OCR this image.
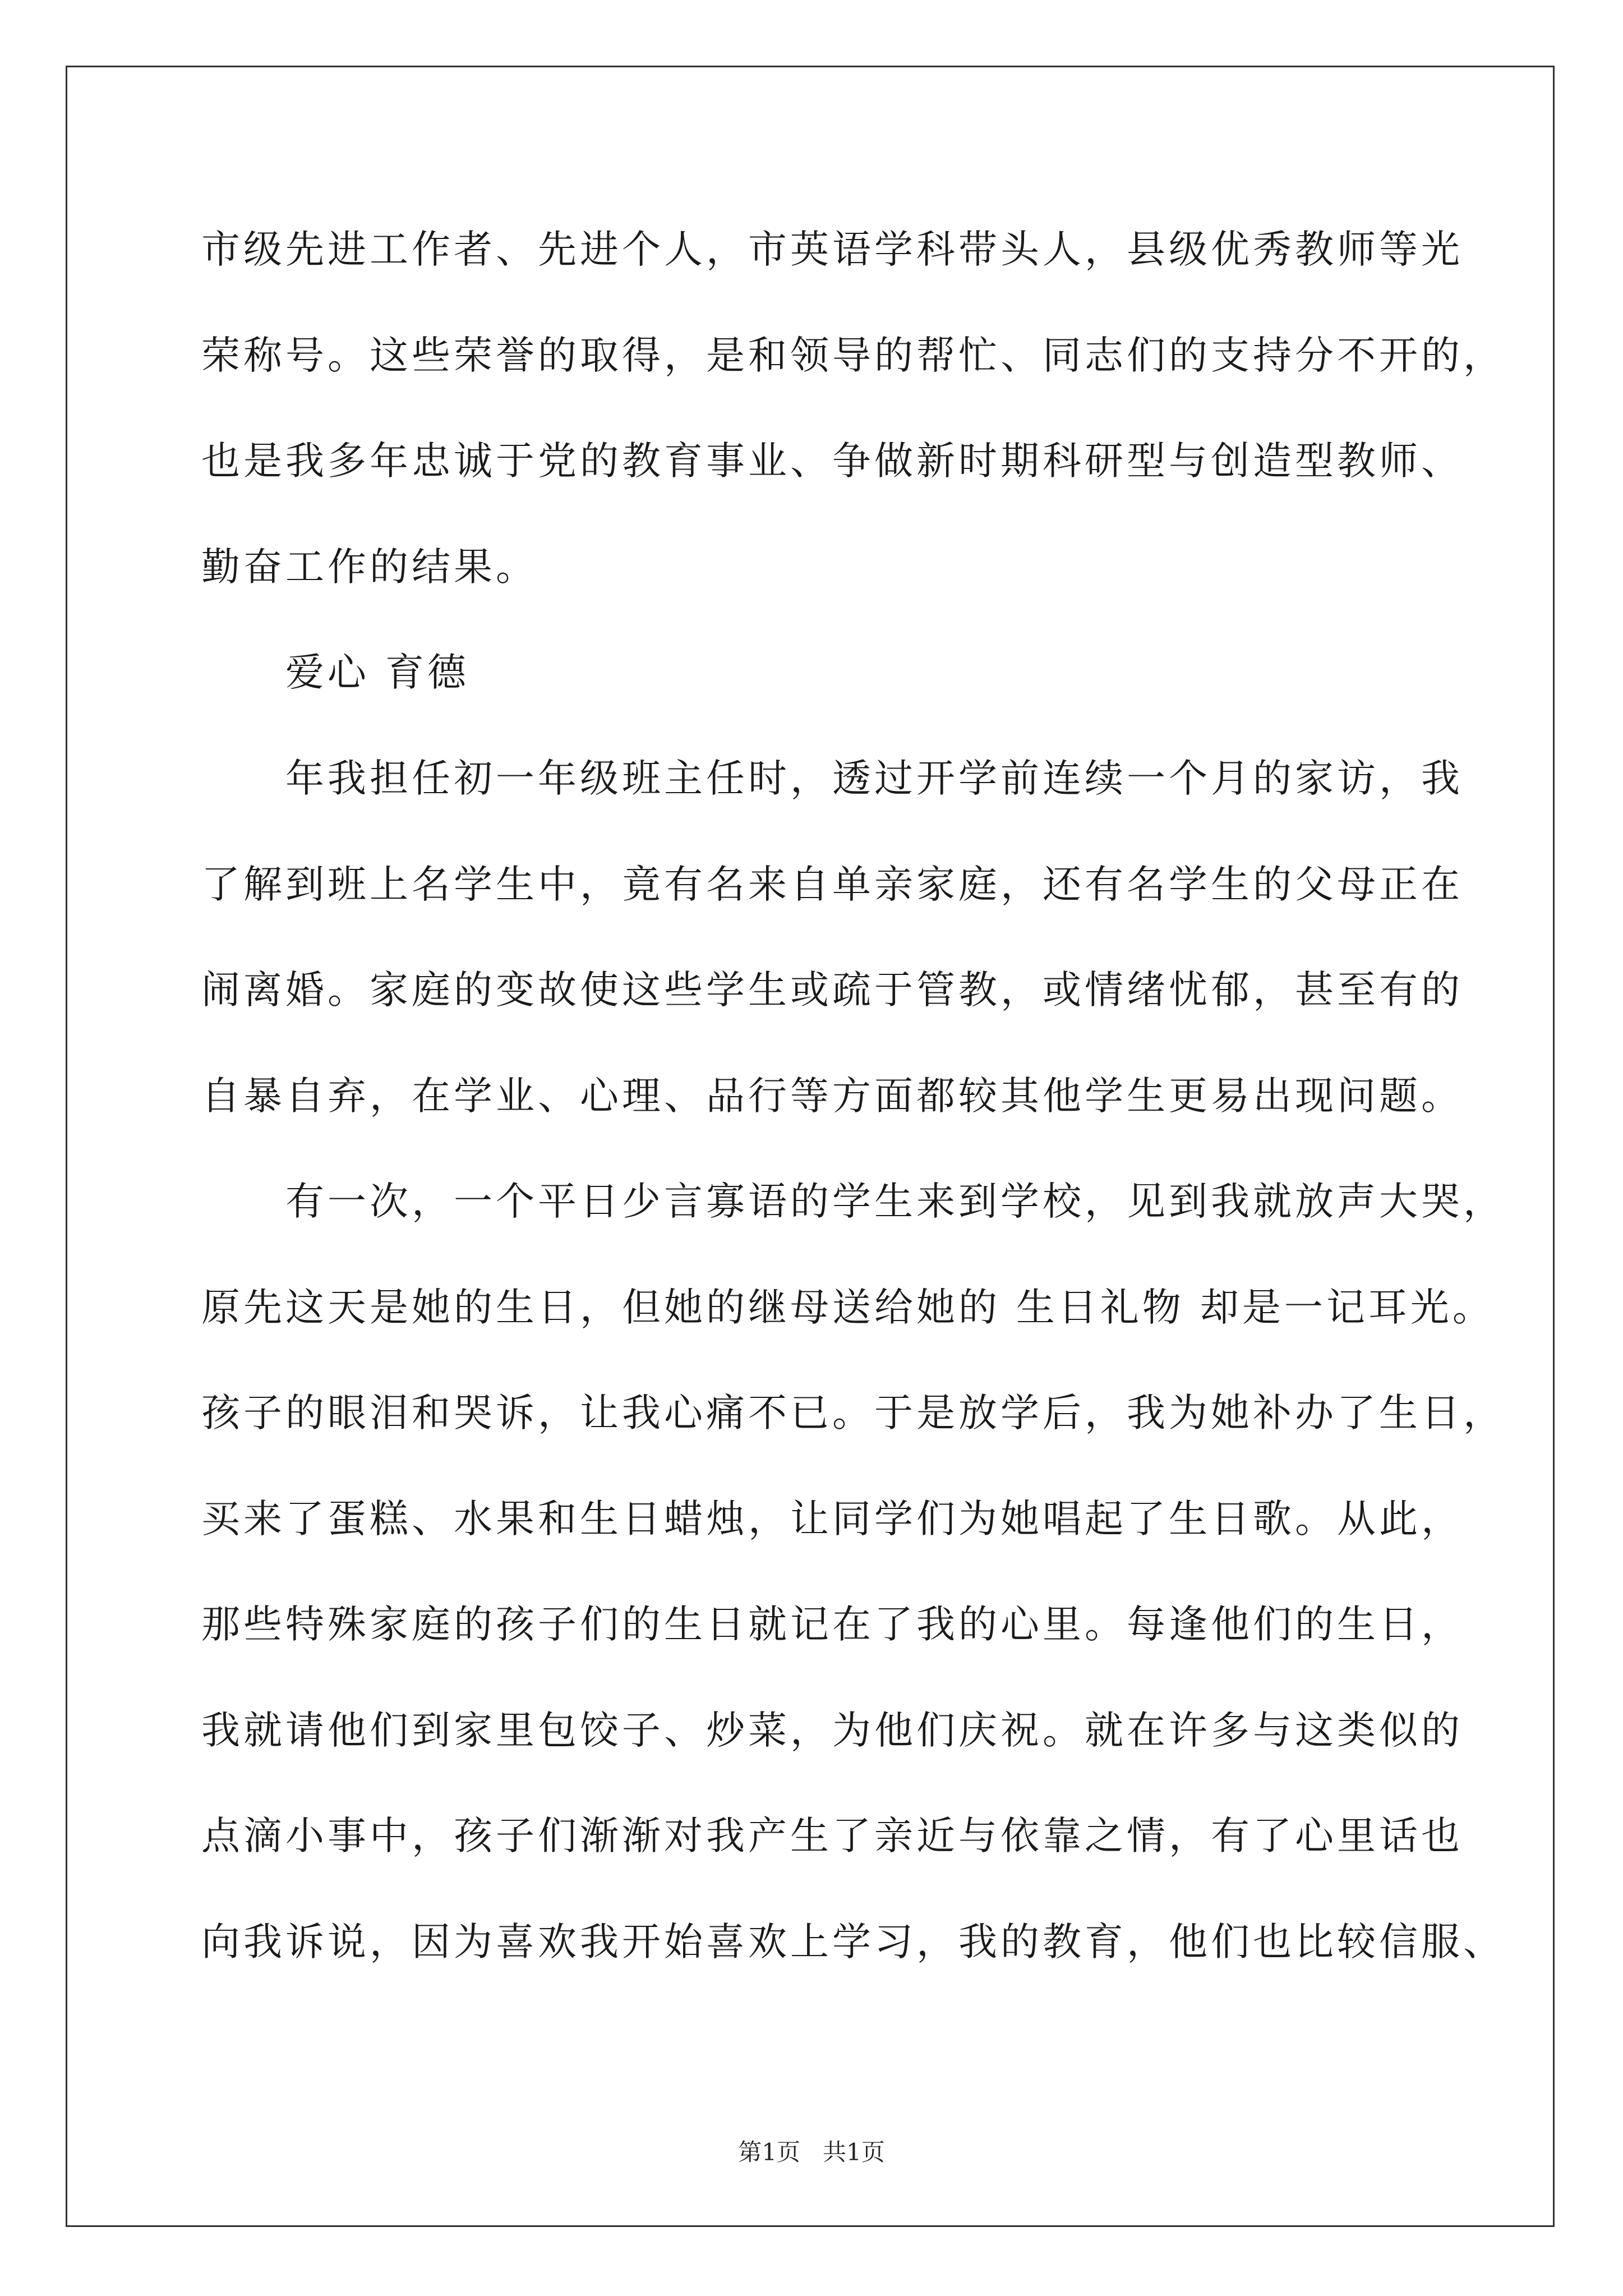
市级先进工作者、先进个人，市英语学科带头人，县级优秀教师等光
荣称号。这些荣誉的取得，是和领导的帮忙、同志们的支持分不开的，
也是我多年忠诚于党的教育事业、争做新时期科研型与创造型教师、
勤奋工作的结果。
　　爱心 育德
　　年我担任初一年级班主任时，透过开学前连续一个月的家访，我
了解到班上名学生中，竟有名来自单亲家庭，还有名学生的父母正在
闹离婚。家庭的变故使这些学生或疏于管教，或情绪忧郁，甚至有的
自暴自弃，在学业、心理、品行等方面都较其他学生更易出现问题。
　　有一次，一个平日少言寡语的学生来到学校，见到我就放声大哭，
原先这天是她的生日，但她的继母送给她的 生日礼物 却是一记耳光。
孩子的眼泪和哭诉，让我心痛不已。于是放学后，我为她补办了生日，
买来了蛋糕、水果和生日蜡烛，让同学们为她唱起了生日歌。从此，
那些特殊家庭的孩子们的生日就记在了我的心里。每逢他们的生日，
我就请他们到家里包饺子、炒菜，为他们庆祝。就在许多与这类似的
点滴小事中，孩子们渐渐对我产生了亲近与依靠之情，有了心里话也
向我诉说，因为喜欢我开始喜欢上学习，我的教育，他们也比较信服、
第1页   共1页
